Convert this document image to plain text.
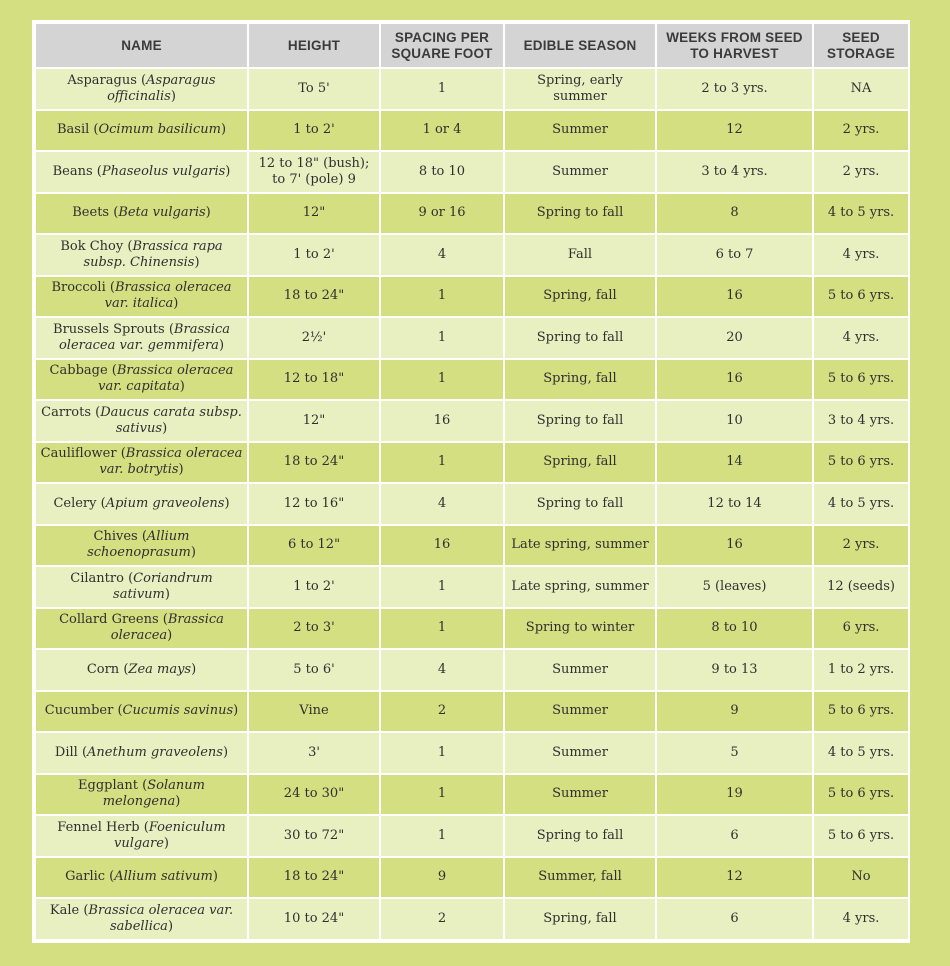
NAME	HEIGHT	SPACING PER SQUARE FOOT	EDIBLE SEASON	WEEKS FROM SEED TO HARVEST	SEED STORAGE
Asparagus (Asparagus officinalis)	To 5'	1	Spring, early summer	2 to 3 yrs.	NA
Basil (Ocimum basilicum)	1 to 2'	1 or 4	Summer	12	2 yrs.
Beans (Phaseolus vulgaris)	12 to 18" (bush); to 7' (pole) 9	8 to 10	Summer	3 to 4 yrs.	2 yrs.
Beets (Beta vulgaris)	12"	9 or 16	Spring to fall	8	4 to 5 yrs.
Bok Choy (Brassica rapa subsp. Chinensis)	1 to 2'	4	Fall	6 to 7	4 yrs.
Broccoli (Brassica oleracea var. italica)	18 to 24"	1	Spring, fall	16	5 to 6 yrs.
Brussels Sprouts (Brassica oleracea var. gemmifera)	2½'	1	Spring to fall	20	4 yrs.
Cabbage (Brassica oleracea var. capitata)	12 to 18"	1	Spring, fall	16	5 to 6 yrs.
Carrots (Daucus carata subsp. sativus)	12"	16	Spring to fall	10	3 to 4 yrs.
Cauliflower (Brassica oleracea var. botrytis)	18 to 24"	1	Spring, fall	14	5 to 6 yrs.
Celery (Apium graveolens)	12 to 16"	4	Spring to fall	12 to 14	4 to 5 yrs.
Chives (Allium schoenoprasum)	6 to 12"	16	Late spring, summer	16	2 yrs.
Cilantro (Coriandrum sativum)	1 to 2'	1	Late spring, summer	5 (leaves)	12 (seeds)
Collard Greens (Brassica oleracea)	2 to 3'	1	Spring to winter	8 to 10	6 yrs.
Corn (Zea mays)	5 to 6'	4	Summer	9 to 13	1 to 2 yrs.
Cucumber (Cucumis savinus)	Vine	2	Summer	9	5 to 6 yrs.
Dill (Anethum graveolens)	3'	1	Summer	5	4 to 5 yrs.
Eggplant (Solanum melongena)	24 to 30"	1	Summer	19	5 to 6 yrs.
Fennel Herb (Foeniculum vulgare)	30 to 72"	1	Spring to fall	6	5 to 6 yrs.
Garlic (Allium sativum)	18 to 24"	9	Summer, fall	12	No
Kale (Brassica oleracea var. sabellica)	10 to 24"	2	Spring, fall	6	4 yrs.
